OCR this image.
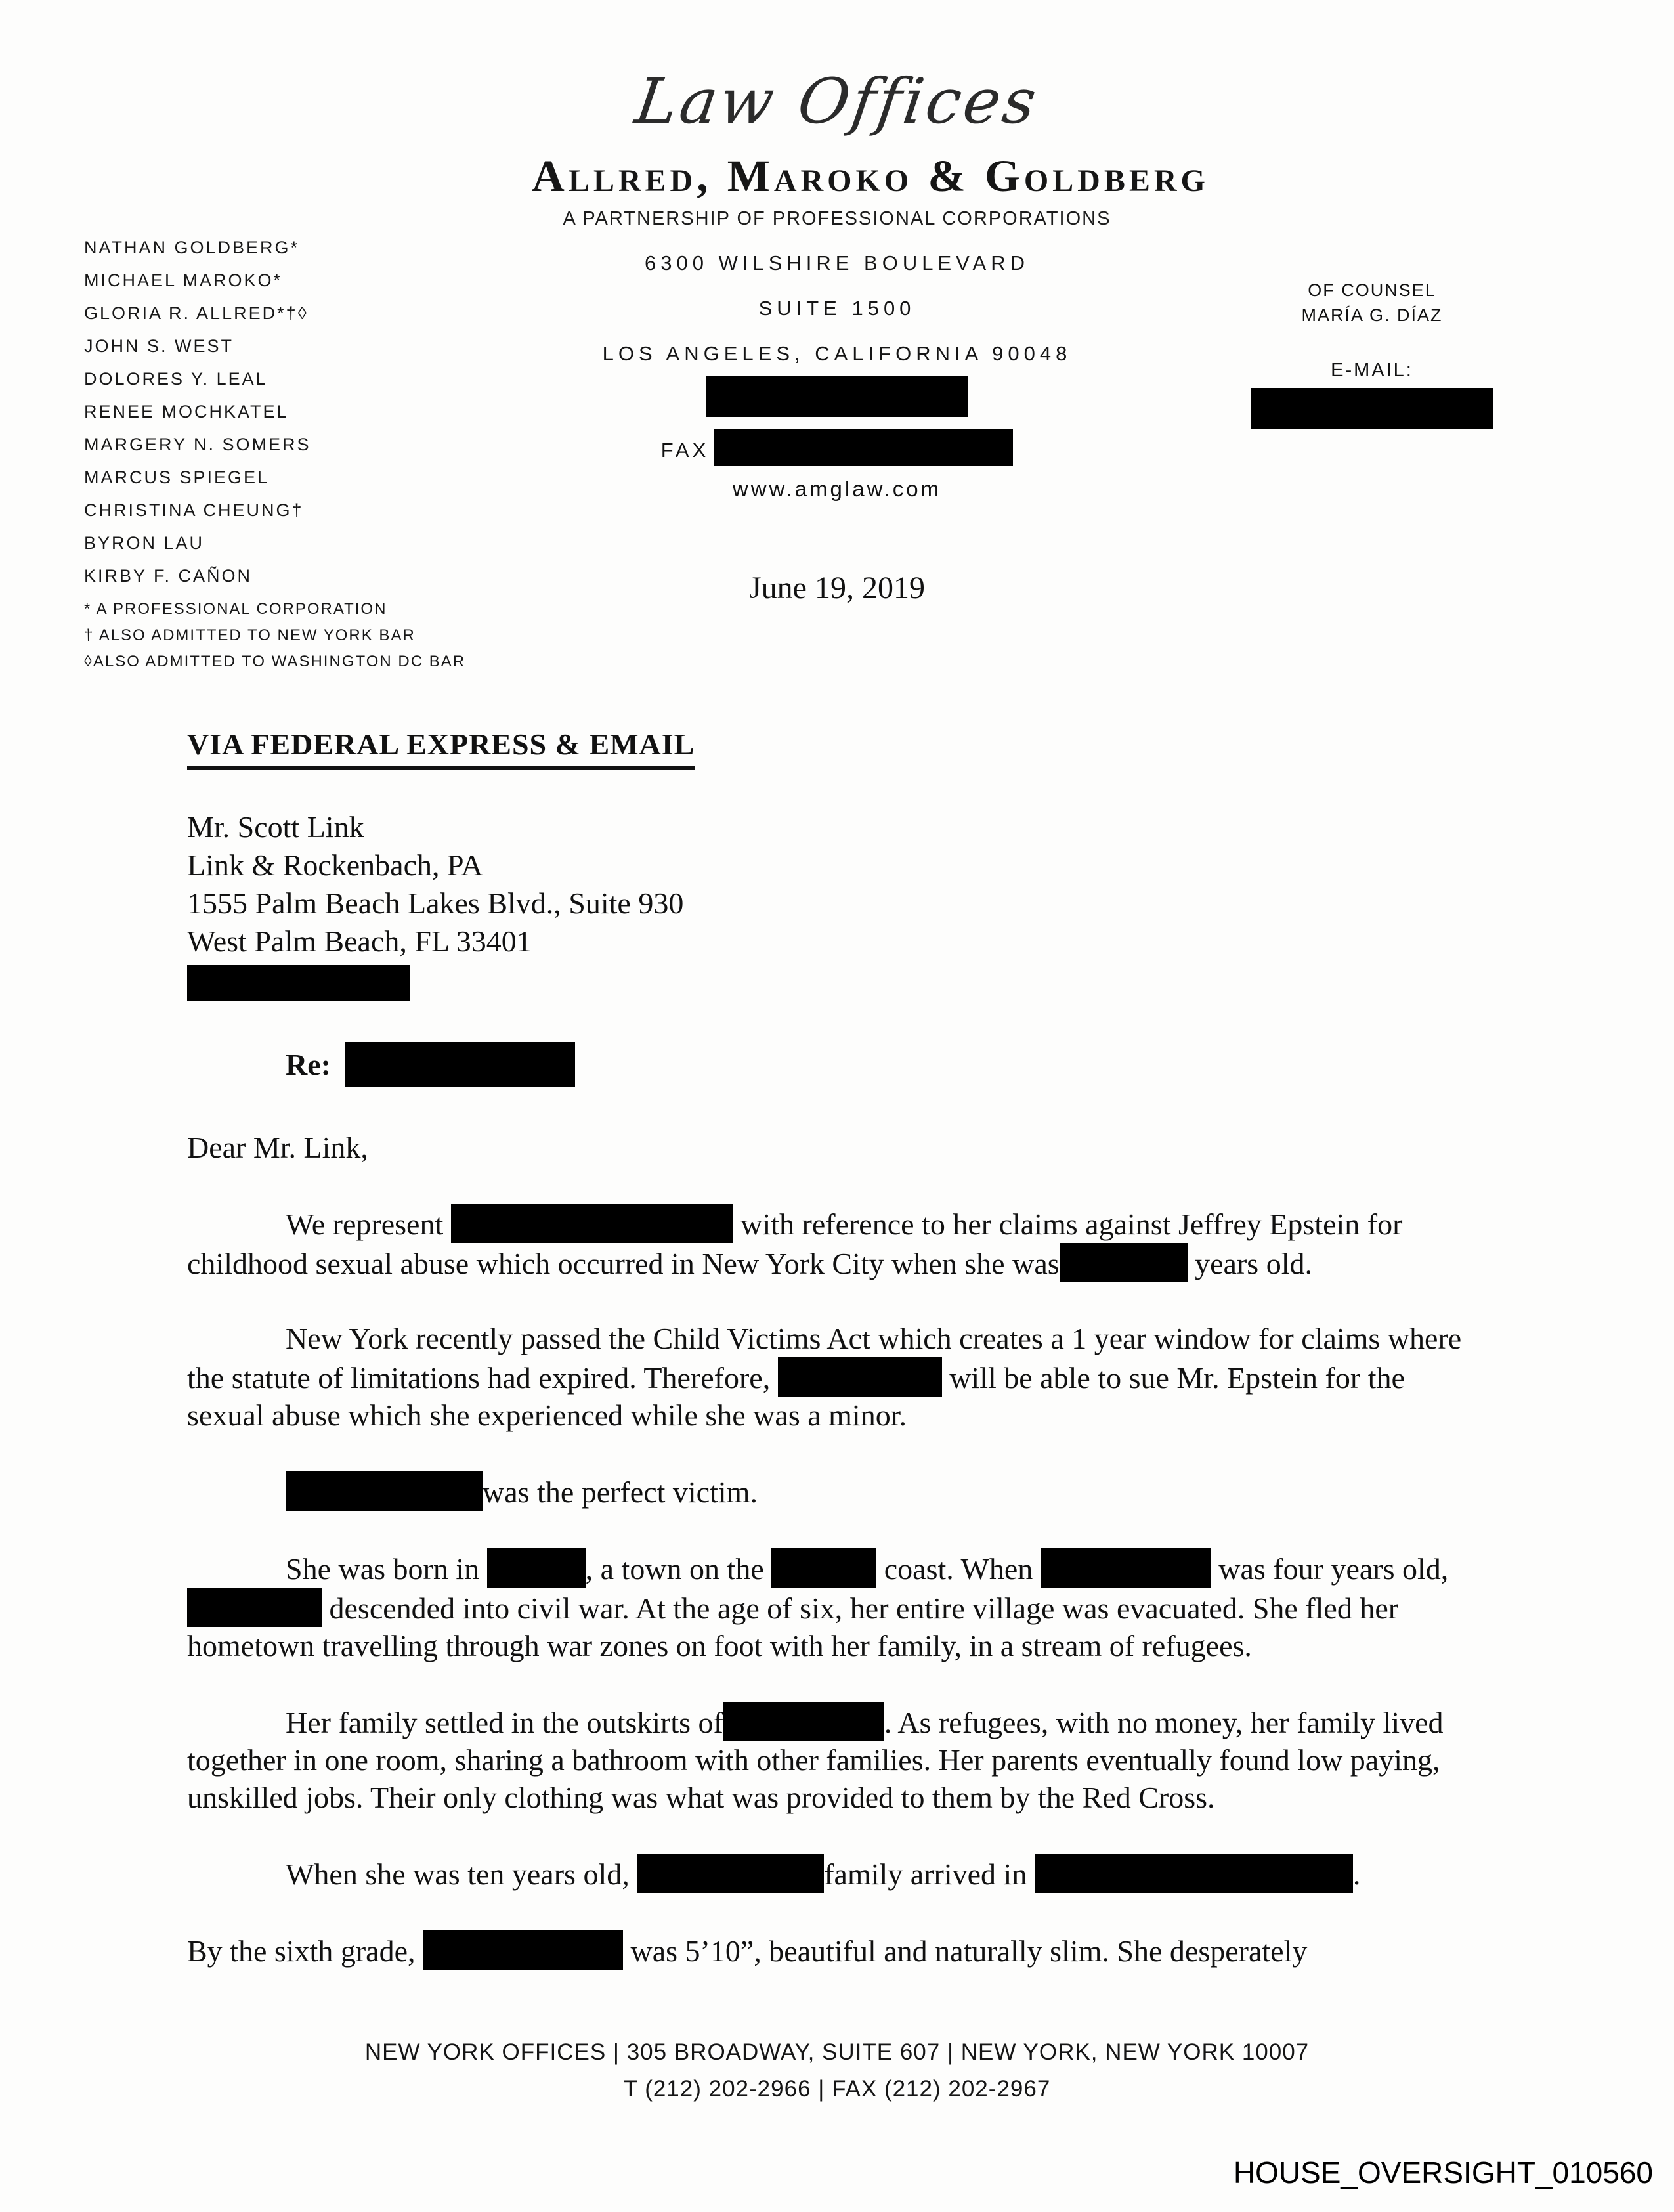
Law Offices
Allred, Maroko & Goldberg
A PARTNERSHIP OF PROFESSIONAL CORPORATIONS
6300 WILSHIRE BOULEVARD
SUITE 1500
LOS ANGELES, CALIFORNIA 90048
FAX
www.amglaw.com
NATHAN GOLDBERG*
MICHAEL MAROKO*
GLORIA R. ALLRED*†◊
JOHN S. WEST
DOLORES Y. LEAL
RENEE MOCHKATEL
MARGERY N. SOMERS
MARCUS SPIEGEL
CHRISTINA CHEUNG†
BYRON LAU
KIRBY F. CAÑON
* A PROFESSIONAL CORPORATION
† ALSO ADMITTED TO NEW YORK BAR
◊ALSO ADMITTED TO WASHINGTON DC BAR
OF COUNSEL
MARÍA G. DÍAZ
E-MAIL:
June 19, 2019
VIA FEDERAL EXPRESS & EMAIL
Mr. Scott Link
Link & Rockenbach, PA
1555 Palm Beach Lakes Blvd., Suite 930
West Palm Beach, FL 33401
Re:
Dear Mr. Link,

We represent	with reference to her claims against Jeffrey Epstein for childhood sexual abuse which occurred in New York City when she was	years old.

New York recently passed the Child Victims Act which creates a 1 year window for claims where the statute of limitations had expired. Therefore,	will be able to sue Mr. Epstein for the sexual abuse which she experienced while she was a minor.

was the perfect victim.

She was born in	, a town on the	coast. When	was four years old,  descended into civil war. At the age of six, her entire village was evacuated. She fled her hometown travelling through war zones on foot with her family, in a stream of refugees.

Her family settled in the outskirts of	. As refugees, with no money, her family lived together in one room, sharing a bathroom with other families. Her parents eventually found low paying, unskilled jobs. Their only clothing was what was provided to them by the Red Cross.

When she was ten years old,	family arrived in	.

By the sixth grade,	was 5’10”, beautiful and naturally slim. She desperately

NEW YORK OFFICES | 305 BROADWAY, SUITE 607 | NEW YORK, NEW YORK 10007
T (212) 202-2966 | FAX (212) 202-2967
HOUSE_OVERSIGHT_010560
